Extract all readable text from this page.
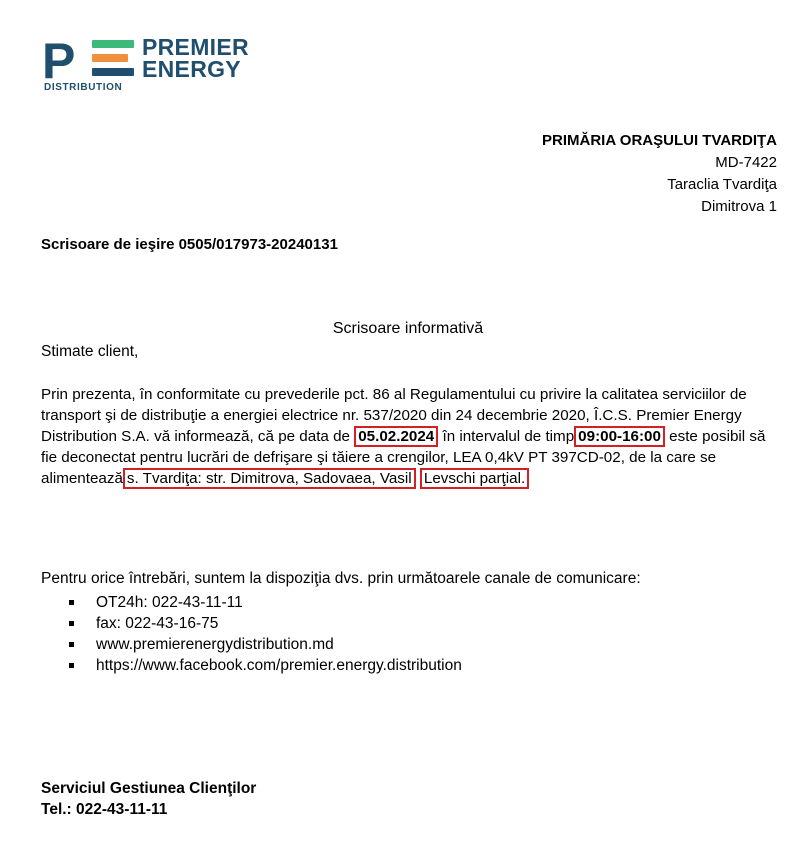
P	PREMIER
ENERGY
DISTRIBUTION
PRIMĂRIA ORAŞULUI TVARDIŢA
MD-7422
Taraclia Tvardiţa
Dimitrova 1
Scrisoare de ieşire 0505/017973-20240131
Scrisoare informativă
Stimate client,
Prin prezenta, în conformitate cu prevederile pct. 86 al Regulamentului cu privire la calitatea serviciilor de transport şi de distribuţie a energiei electrice nr. 537/2020 din 24 decembrie 2020, Î.C.S. Premier Energy Distribution S.A. vă informează, că pe data de 05.02.2024 în intervalul de timp 09:00-16:00 este posibil să fie deconectat pentru lucrări de defrişare şi tăiere a crengilor, LEA 0,4kV PT 397CD-02, de la care se alimentează s. Tvardiţa: str. Dimitrova, Sadovaea, Vasil Levschi parţial.
Pentru orice întrebări, suntem la dispoziţia dvs. prin următoarele canale de comunicare:
OT24h: 022-43-11-11
fax: 022-43-16-75
www.premierenergydistribution.md
https://www.facebook.com/premier.energy.distribution
Serviciul Gestiunea Clienţilor
Tel.: 022-43-11-11
